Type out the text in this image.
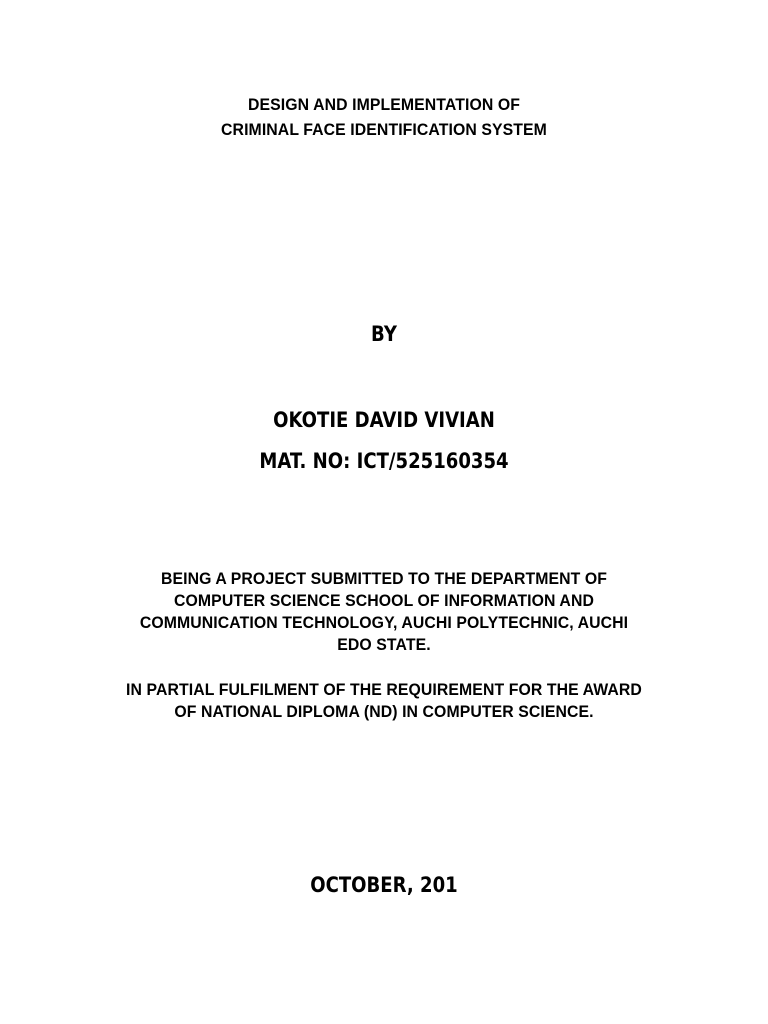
DESIGN AND IMPLEMENTATION OF
CRIMINAL FACE IDENTIFICATION SYSTEM
BY
OKOTIE DAVID VIVIAN
MAT. NO: ICT/525160354
BEING A PROJECT SUBMITTED TO THE DEPARTMENT OF
COMPUTER SCIENCE SCHOOL OF INFORMATION AND
COMMUNICATION TECHNOLOGY, AUCHI POLYTECHNIC, AUCHI
EDO STATE.
IN PARTIAL FULFILMENT OF THE REQUIREMENT FOR THE AWARD
OF NATIONAL DIPLOMA (ND) IN COMPUTER SCIENCE.
OCTOBER, 201
